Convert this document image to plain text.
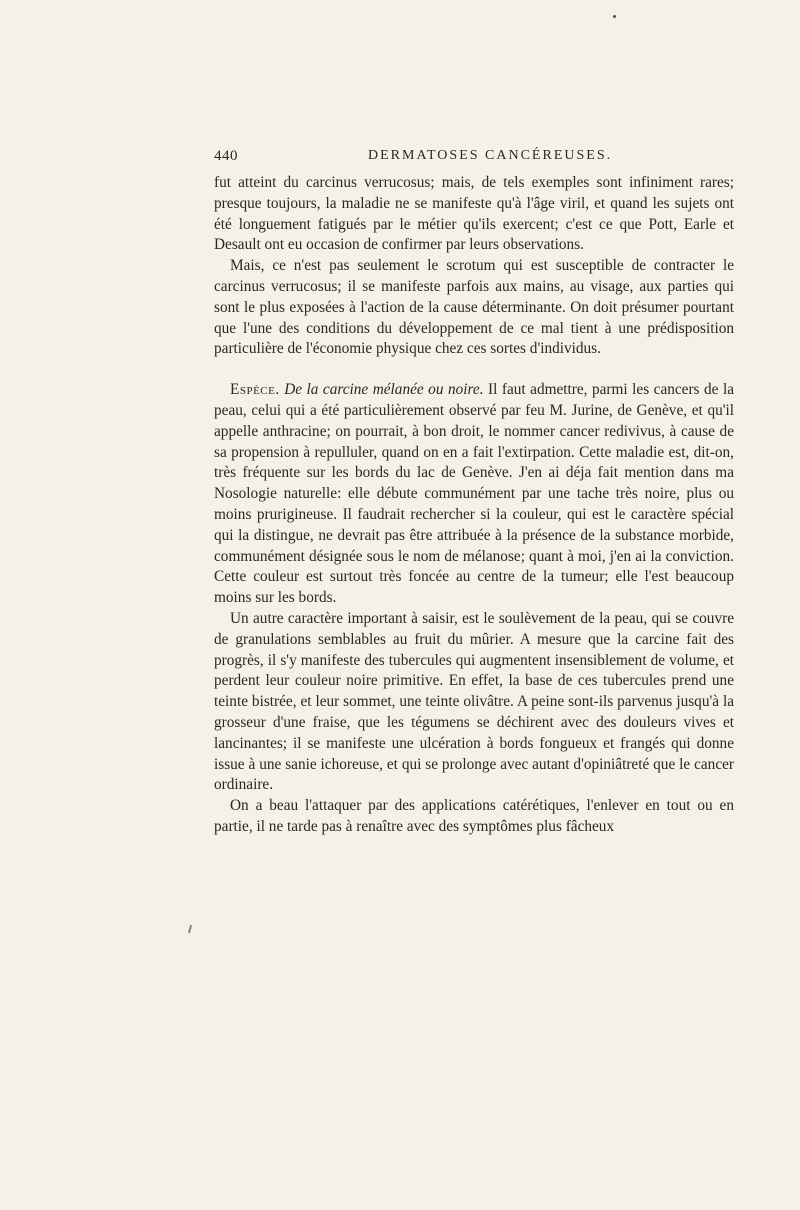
440	DERMATOSES CANCÉREUSES.

fut atteint du carcinus verrucosus; mais, de tels exemples sont infiniment rares; presque toujours, la maladie ne se manifeste qu'à l'âge viril, et quand les sujets ont été longuement fatigués par le métier qu'ils exercent; c'est ce que Pott, Earle et Desault ont eu occasion de confirmer par leurs observations.

Mais, ce n'est pas seulement le scrotum qui est susceptible de contracter le carcinus verrucosus; il se manifeste parfois aux mains, au visage, aux parties qui sont le plus exposées à l'action de la cause déterminante. On doit présumer pourtant que l'une des conditions du développement de ce mal tient à une prédisposition particulière de l'économie physique chez ces sortes d'individus.

Espèce. De la carcine mélanée ou noire. Il faut admettre, parmi les cancers de la peau, celui qui a été particulièrement observé par feu M. Jurine, de Genève, et qu'il appelle anthracine; on pourrait, à bon droit, le nommer cancer redivivus, à cause de sa propension à repulluler, quand on en a fait l'extirpation. Cette maladie est, dit-on, très fréquente sur les bords du lac de Genève. J'en ai déja fait mention dans ma Nosologie naturelle: elle débute communément par une tache très noire, plus ou moins prurigineuse. Il faudrait rechercher si la couleur, qui est le caractère spécial qui la distingue, ne devrait pas être attribuée à la présence de la substance morbide, communément désignée sous le nom de mélanose; quant à moi, j'en ai la conviction. Cette couleur est surtout très foncée au centre de la tumeur; elle l'est beaucoup moins sur les bords.

Un autre caractère important à saisir, est le soulèvement de la peau, qui se couvre de granulations semblables au fruit du mûrier. A mesure que la carcine fait des progrès, il s'y manifeste des tubercules qui augmentent insensiblement de volume, et perdent leur couleur noire primitive. En effet, la base de ces tubercules prend une teinte bistrée, et leur sommet, une teinte olivâtre. A peine sont-ils parvenus jusqu'à la grosseur d'une fraise, que les tégumens se déchirent avec des douleurs vives et lancinantes; il se manifeste une ulcération à bords fongueux et frangés qui donne issue à une sanie ichoreuse, et qui se prolonge avec autant d'opiniâtreté que le cancer ordinaire.

On a beau l'attaquer par des applications catérétiques, l'enlever en tout ou en partie, il ne tarde pas à renaître avec des symptômes plus fâcheux
